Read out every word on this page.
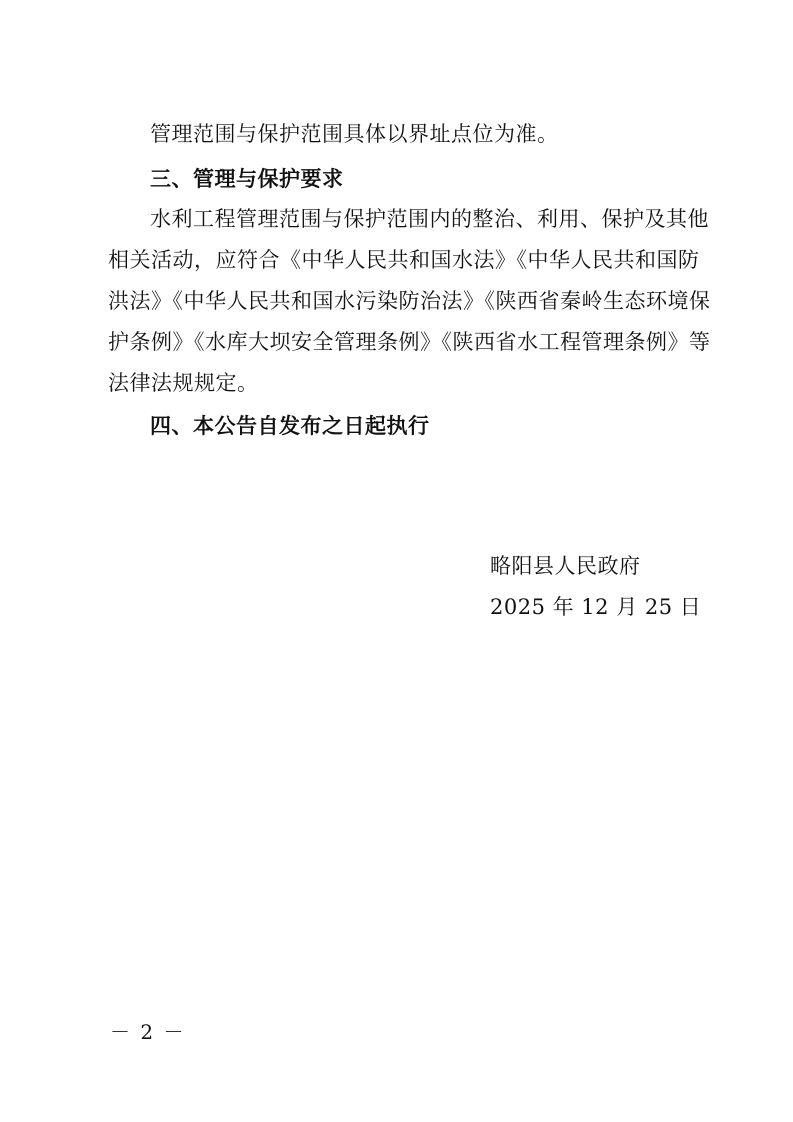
管理范围与保护范围具体以界址点位为准。

三、管理与保护要求

水利工程管理范围与保护范围内的整治、利用、保护及其他
相关活动，应符合《中华人民共和国水法》《中华人民共和国防
洪法》《中华人民共和国水污染防治法》《陕西省秦岭生态环境保
护条例》《水库大坝安全管理条例》《陕西省水工程管理条例》等
法律法规规定。

四、本公告自发布之日起执行

略阳县人民政府

2025 年 12 月 25 日

－ 2 －
